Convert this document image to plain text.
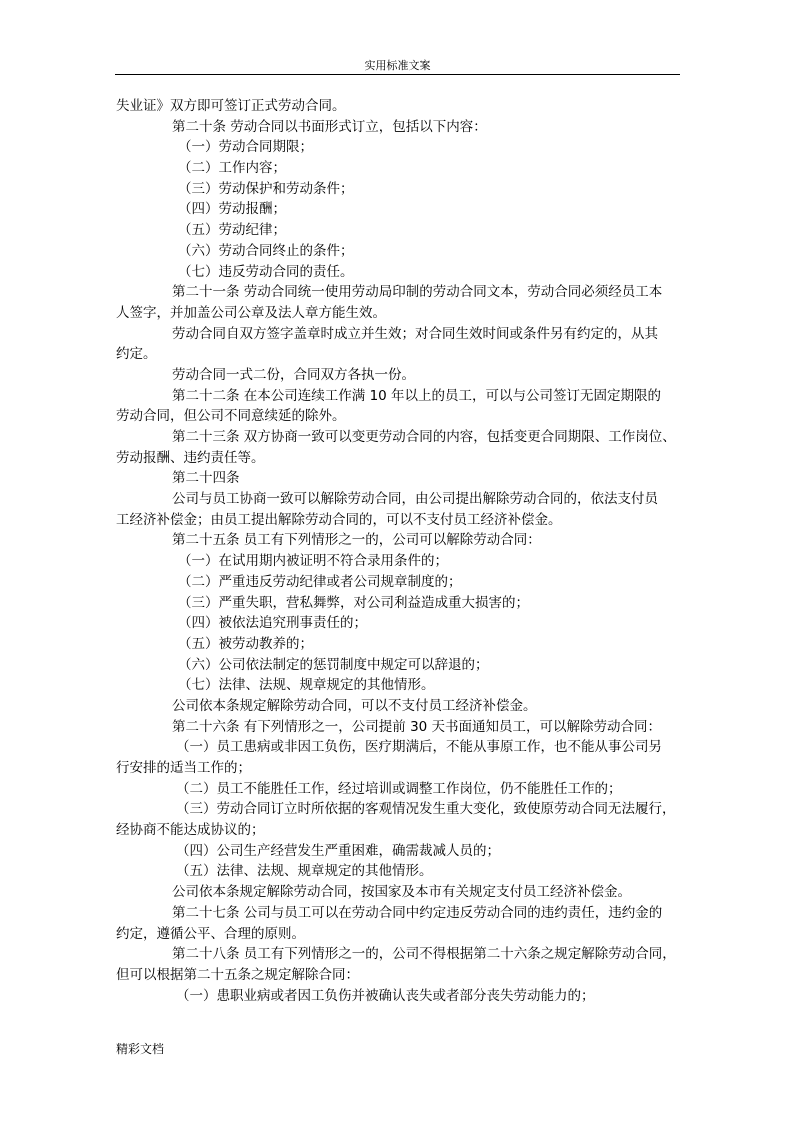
实用标准文案
失业证》双方即可签订正式劳动合同。
第二十条 劳动合同以书面形式订立，包括以下内容：
（一）劳动合同期限；
（二）工作内容；
（三）劳动保护和劳动条件；
（四）劳动报酬；
（五）劳动纪律；
（六）劳动合同终止的条件；
（七）违反劳动合同的责任。
第二十一条 劳动合同统一使用劳动局印制的劳动合同文本，劳动合同必须经员工本
人签字，并加盖公司公章及法人章方能生效。
劳动合同自双方签字盖章时成立并生效；对合同生效时间或条件另有约定的，从其
约定。
劳动合同一式二份，合同双方各执一份。
第二十二条 在本公司连续工作满 10 年以上的员工，可以与公司签订无固定期限的
劳动合同，但公司不同意续延的除外。
第二十三条 双方协商一致可以变更劳动合同的内容，包括变更合同期限、工作岗位、
劳动报酬、违约责任等。
第二十四条
公司与员工协商一致可以解除劳动合同，由公司提出解除劳动合同的，依法支付员
工经济补偿金；由员工提出解除劳动合同的，可以不支付员工经济补偿金。
第二十五条 员工有下列情形之一的，公司可以解除劳动合同：
（一）在试用期内被证明不符合录用条件的；
（二）严重违反劳动纪律或者公司规章制度的；
（三）严重失职，营私舞弊，对公司利益造成重大损害的；
（四）被依法追究刑事责任的；
（五）被劳动教养的；
（六）公司依法制定的惩罚制度中规定可以辞退的；
（七）法律、法规、规章规定的其他情形。
公司依本条规定解除劳动合同，可以不支付员工经济补偿金。
第二十六条 有下列情形之一，公司提前 30 天书面通知员工，可以解除劳动合同：
（一）员工患病或非因工负伤，医疗期满后，不能从事原工作，也不能从事公司另
行安排的适当工作的；
（二）员工不能胜任工作，经过培训或调整工作岗位，仍不能胜任工作的；
（三）劳动合同订立时所依据的客观情况发生重大变化，致使原劳动合同无法履行，
经协商不能达成协议的；
（四）公司生产经营发生严重困难，确需裁减人员的；
（五）法律、法规、规章规定的其他情形。
公司依本条规定解除劳动合同，按国家及本市有关规定支付员工经济补偿金。
第二十七条 公司与员工可以在劳动合同中约定违反劳动合同的违约责任，违约金的
约定，遵循公平、合理的原则。
第二十八条 员工有下列情形之一的，公司不得根据第二十六条之规定解除劳动合同，
但可以根据第二十五条之规定解除合同：
（一）患职业病或者因工负伤并被确认丧失或者部分丧失劳动能力的；
精彩文档
